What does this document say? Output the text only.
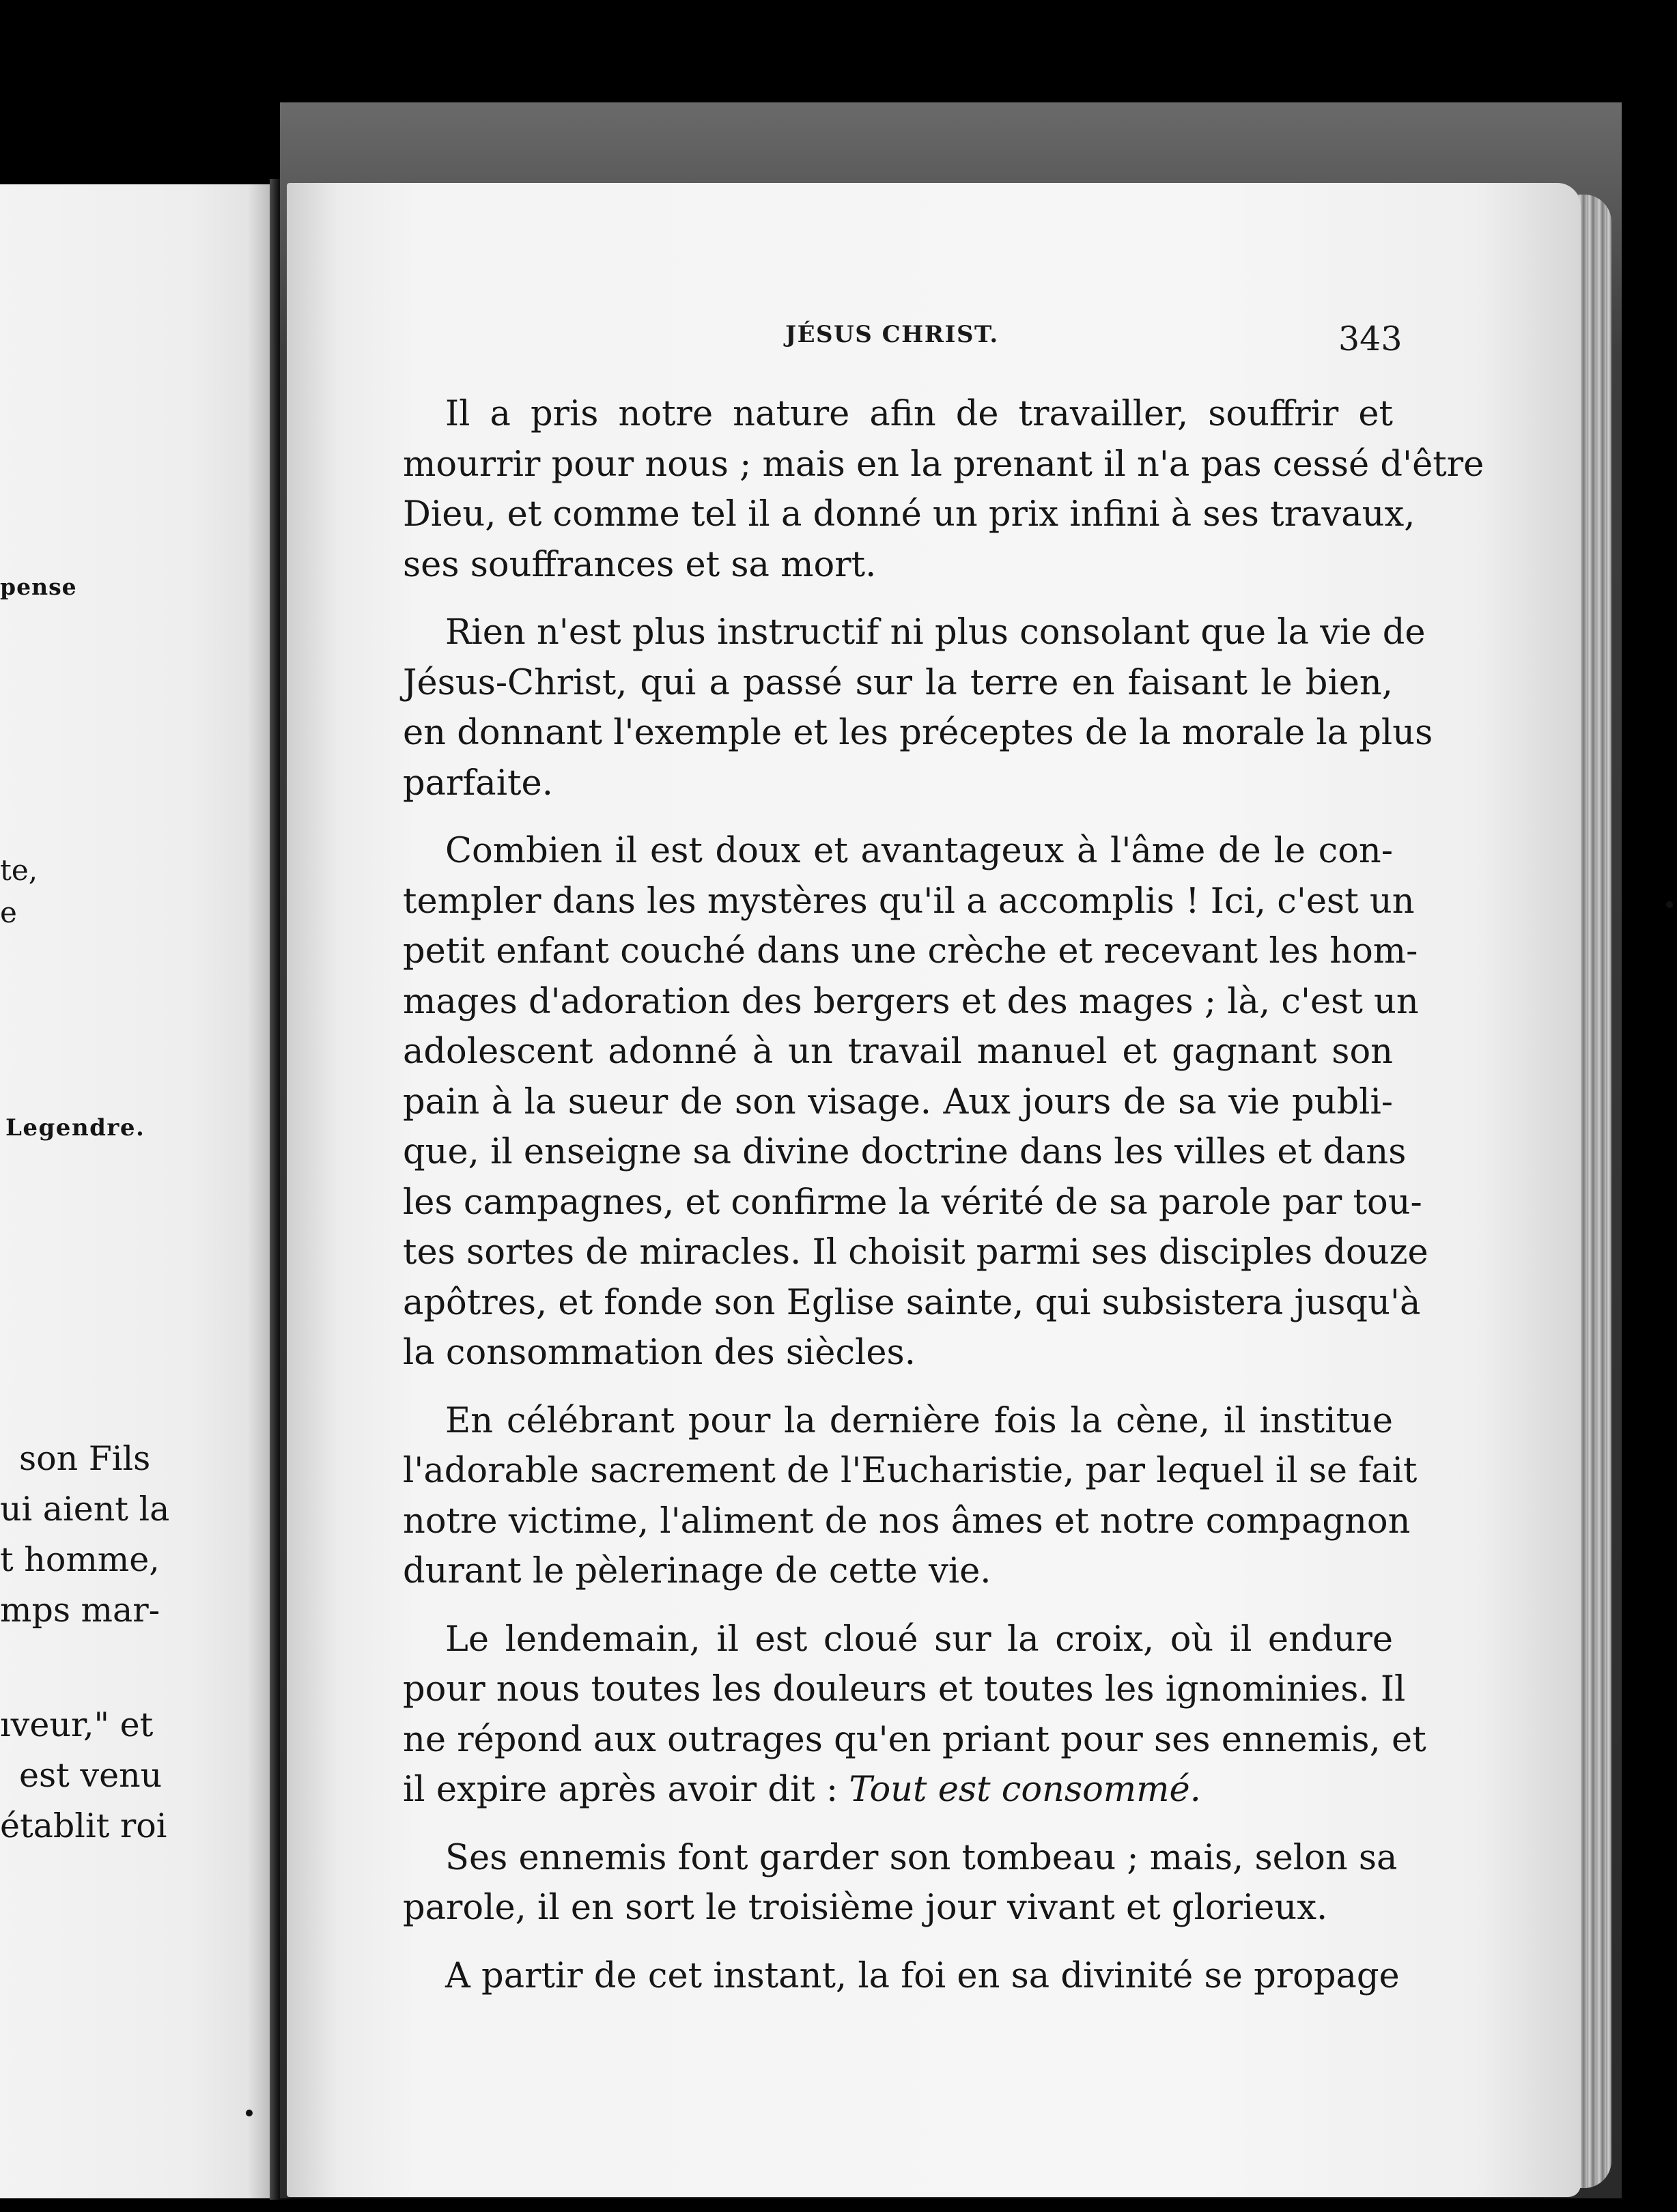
pense
te,
e
Legendre.
son Fils
ui aient la
t homme,
mps mar-
ıveur," et
est venu
établit roi
JÉSUS CHRIST.	343
Il a pris notre nature afin de travailler, souffrir et
mourrir pour nous ; mais en la prenant il n'a pas cessé d'être
Dieu, et comme tel il a donné un prix infini à ses travaux,
ses souffrances et sa mort.
Rien n'est plus instructif ni plus consolant que la vie de
Jésus-Christ, qui a passé sur la terre en faisant le bien,
en donnant l'exemple et les préceptes de la morale la plus
parfaite.
Combien il est doux et avantageux à l'âme de le con-
templer dans les mystères qu'il a accomplis ! Ici, c'est un
petit enfant couché dans une crèche et recevant les hom-
mages d'adoration des bergers et des mages ; là, c'est un
adolescent adonné à un travail manuel et gagnant son
pain à la sueur de son visage. Aux jours de sa vie publi-
que, il enseigne sa divine doctrine dans les villes et dans
les campagnes, et confirme la vérité de sa parole par tou-
tes sortes de miracles. Il choisit parmi ses disciples douze
apôtres, et fonde son Eglise sainte, qui subsistera jusqu'à
la consommation des siècles.
En célébrant pour la dernière fois la cène, il institue
l'adorable sacrement de l'Eucharistie, par lequel il se fait
notre victime, l'aliment de nos âmes et notre compagnon
durant le pèlerinage de cette vie.
Le lendemain, il est cloué sur la croix, où il endure
pour nous toutes les douleurs et toutes les ignominies. Il
ne répond aux outrages qu'en priant pour ses ennemis, et
il expire après avoir dit : Tout est consommé.
Ses ennemis font garder son tombeau ; mais, selon sa
parole, il en sort le troisième jour vivant et glorieux.
A partir de cet instant, la foi en sa divinité se propage
